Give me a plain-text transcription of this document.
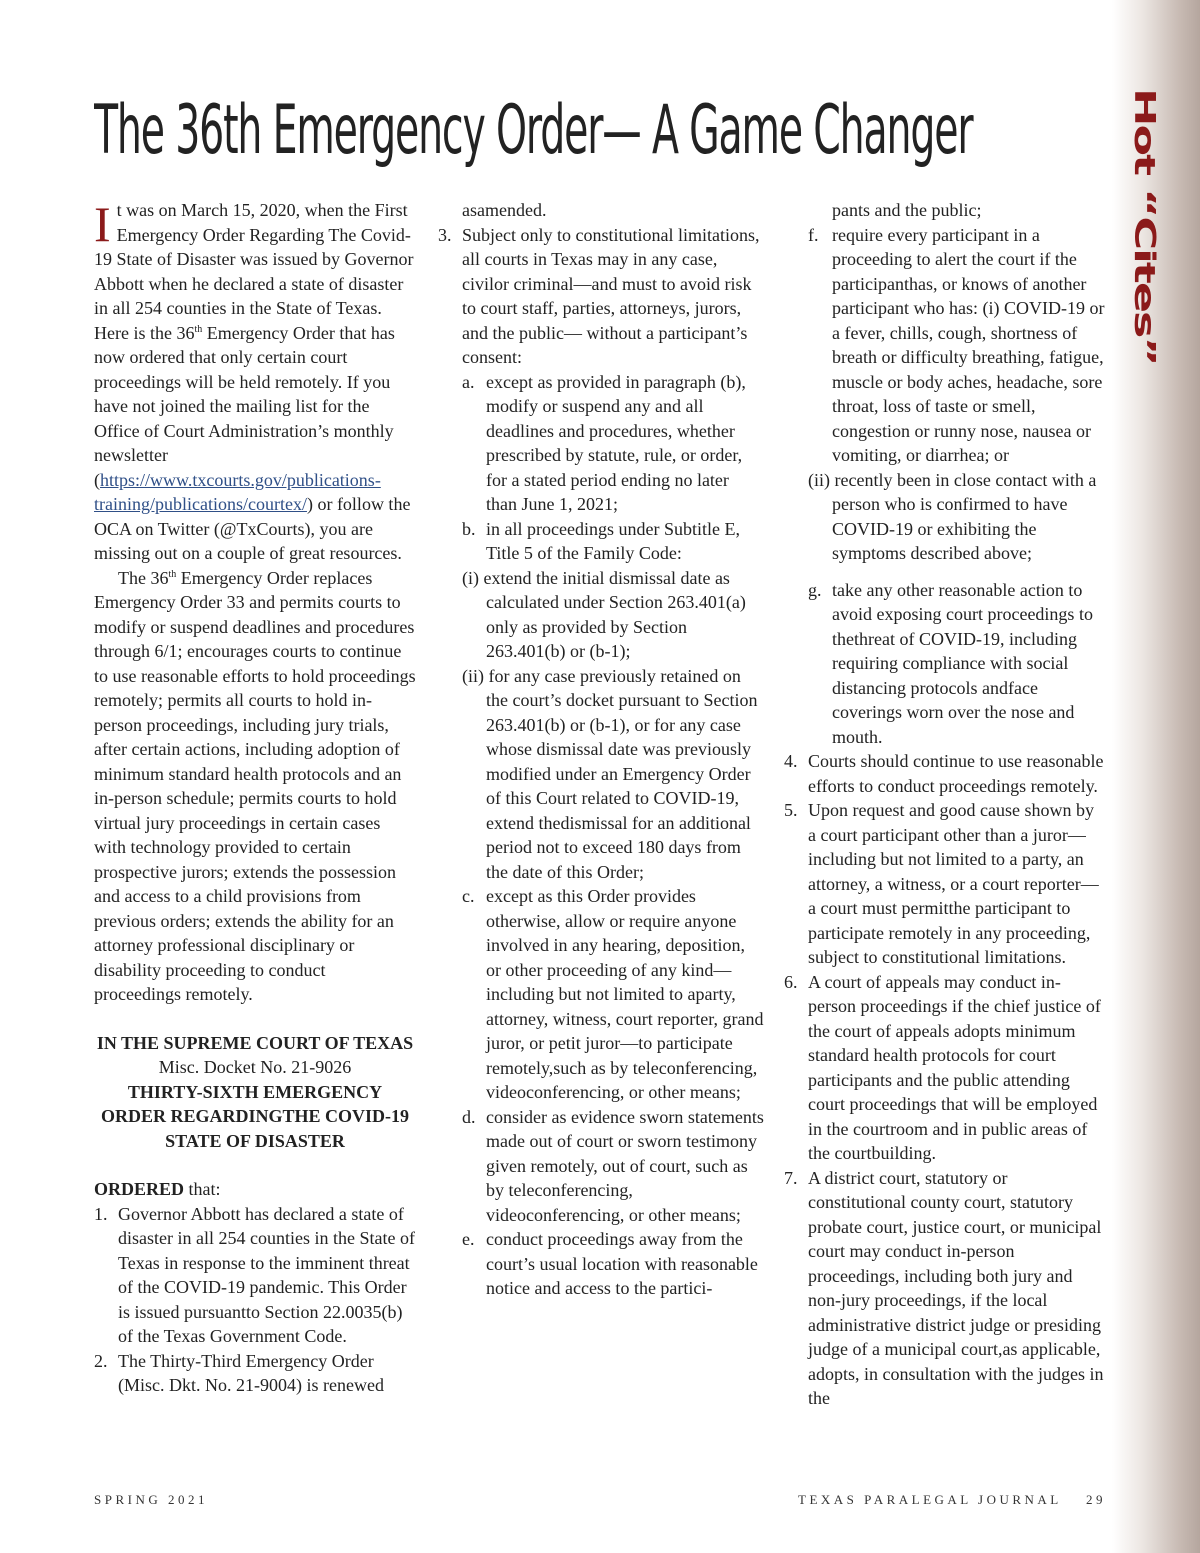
Hot “Cites”
The 36th Emergency Order— A Game Changer

It was on March 15, 2020, when the First Emergency Order Regarding The Covid-19 State of Disaster was issued by Governor Abbott when he declared a state of disaster in all 254 counties in the State of Texas. Here is the 36th Emergency Order that has now ordered that only certain court proceedings will be held remotely. If you have not joined the mailing list for the Office of Court Administration’s monthly newsletter (https://www.txcourts.gov/publications-training/publications/courtex/) or follow the OCA on Twitter (@TxCourts), you are missing out on a couple of great resources.

The 36th Emergency Order replaces Emergency Order 33 and permits courts to modify or suspend deadlines and procedures through 6/1; encourages courts to continue to use reasonable efforts to hold proceedings remotely; permits all courts to hold in-person proceedings, including jury trials, after certain actions, including adoption of minimum standard health protocols and an in-person schedule; permits courts to hold virtual jury proceedings in certain cases with technology provided to certain prospective jurors; extends the possession and access to a child provisions from previous orders; extends the ability for an attorney professional disciplinary or disability proceeding to conduct proceedings remotely.

IN THE SUPREME COURT OF TEXAS

Misc. Docket No. 21-9026

THIRTY-SIXTH EMERGENCY ORDER REGARDINGTHE COVID-19 STATE OF DISASTER

ORDERED that:

1. Governor Abbott has declared a state of disaster in all 254 counties in the State of Texas in response to the imminent threat of the COVID-19 pandemic. This Order is issued pursuantto Section 22.0035(b) of the Texas Government Code.
2. The Thirty-Third Emergency Order (Misc. Dkt. No. 21-9004) is renewed

asamended.

3. Subject only to constitutional limitations, all courts in Texas may in any case, civilor criminal—and must to avoid risk to court staff, parties, attorneys, jurors, and the public— without a participant’s consent:
a. except as provided in paragraph (b), modify or suspend any and all deadlines and procedures, whether prescribed by statute, rule, or order, for a stated period ending no later than June 1, 2021;
b. in all proceedings under Subtitle E, Title 5 of the Family Code:

(i) extend the initial dismissal date as calculated under Section 263.401(a) only as provided by Section 263.401(b) or (b-1);

(ii) for any case previously retained on the court’s docket pursuant to Section 263.401(b) or (b-1), or for any case whose dismissal date was previously modified under an Emergency Order of this Court related to COVID-19, extend thedismissal for an additional period not to exceed 180 days from the date of this Order;

c. except as this Order provides otherwise, allow or require anyone involved in any hearing, deposition, or other proceeding of any kind—including but not limited to aparty, attorney, witness, court reporter, grand juror, or petit juror—to participate remotely,such as by teleconferencing, videoconferencing, or other means;
d. consider as evidence sworn statements made out of court or sworn testimony given remotely, out of court, such as by teleconferencing, videoconferencing, or other means;
e. conduct proceedings away from the court’s usual location with reasonable notice and access to the partici-

pants and the public;

f. require every participant in a proceeding to alert the court if the participanthas, or knows of another participant who has: (i) COVID-19 or a fever, chills, cough, shortness of breath or difficulty breathing, fatigue, muscle or body aches, headache, sore throat, loss of taste or smell, congestion or runny nose, nausea or vomiting, or diarrhea; or

(ii) recently been in close contact with a person who is confirmed to have COVID-19 or exhibiting the symptoms described above;

g. take any other reasonable action to avoid exposing court proceedings to thethreat of COVID-19, including requiring compliance with social distancing protocols andface coverings worn over the nose and mouth.
4. Courts should continue to use reasonable efforts to conduct proceedings remotely.
5. Upon request and good cause shown by a court participant other than a juror— including but not limited to a party, an attorney, a witness, or a court reporter—a court must permitthe participant to participate remotely in any proceeding, subject to constitutional limitations.
6. A court of appeals may conduct in-person proceedings if the chief justice of the court of appeals adopts minimum standard health protocols for court participants and the public attending court proceedings that will be employed in the courtroom and in public areas of the courtbuilding.
7. A district court, statutory or constitutional county court, statutory probate court, justice court, or municipal court may conduct in-person proceedings, including both jury and non-jury proceedings, if the local administrative district judge or presiding judge of a municipal court,as applicable, adopts, in consultation with the judges in the
SPRING 2021	TEXAS PARALEGAL JOURNAL 29
